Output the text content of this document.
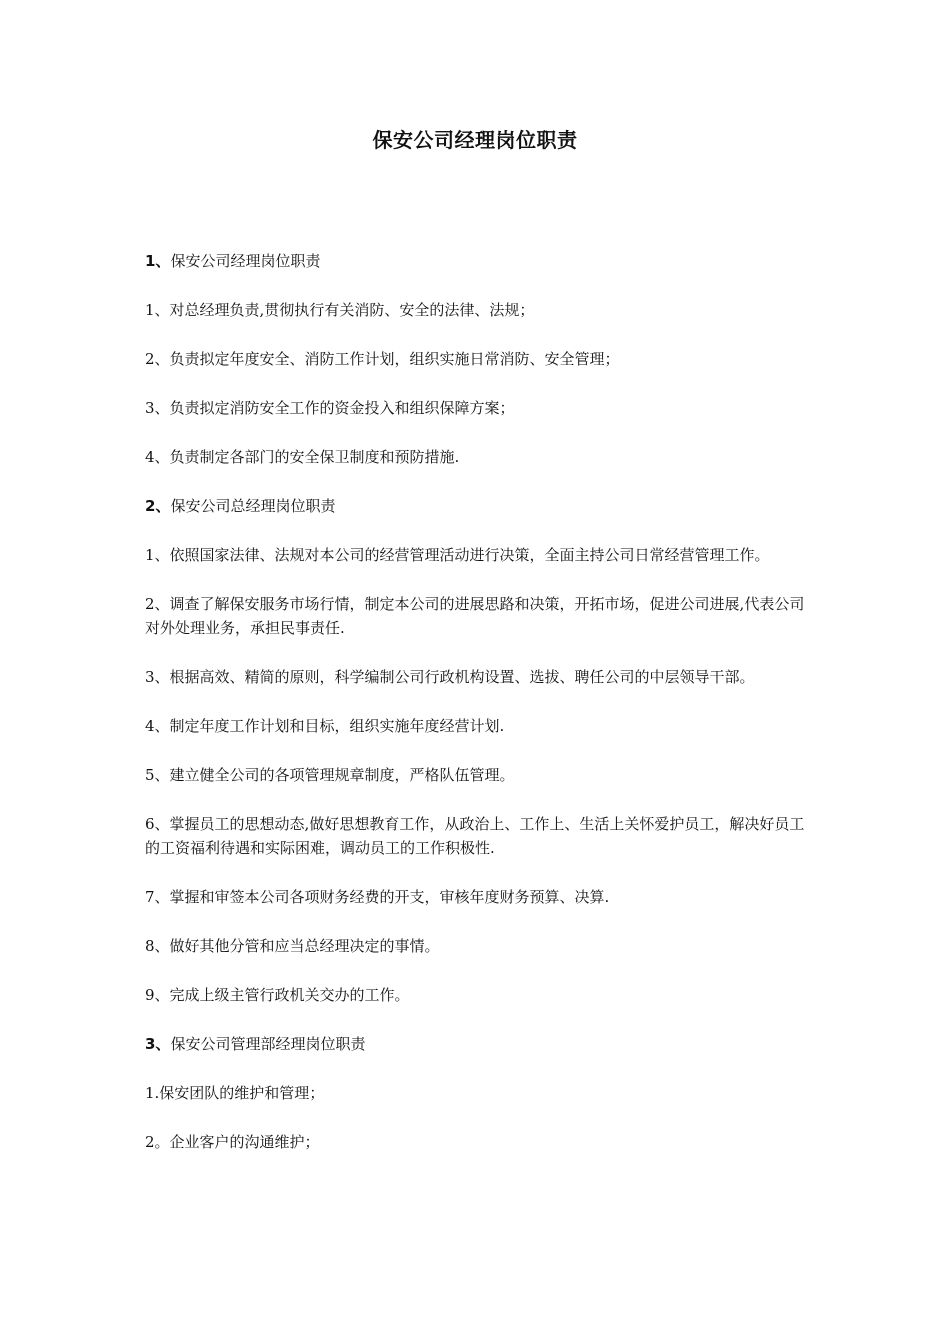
保安公司经理岗位职责
1、保安公司经理岗位职责
1、对总经理负责,贯彻执行有关消防、安全的法律、法规；
2、负责拟定年度安全、消防工作计划，组织实施日常消防、安全管理；
3、负责拟定消防安全工作的资金投入和组织保障方案；
4、负责制定各部门的安全保卫制度和预防措施.
2、保安公司总经理岗位职责
1、依照国家法律、法规对本公司的经营管理活动进行决策，全面主持公司日常经营管理工作。
2、调查了解保安服务市场行情，制定本公司的进展思路和决策，开拓市场，促进公司进展,代表公司对外处理业务，承担民事责任.
3、根据高效、精简的原则，科学编制公司行政机构设置、选拔、聘任公司的中层领导干部。
4、制定年度工作计划和目标，组织实施年度经营计划.
5、建立健全公司的各项管理规章制度，严格队伍管理。
6、掌握员工的思想动态,做好思想教育工作，从政治上、工作上、生活上关怀爱护员工，解决好员工的工资福利待遇和实际困难，调动员工的工作积极性.
7、掌握和审签本公司各项财务经费的开支，审核年度财务预算、决算.
8、做好其他分管和应当总经理决定的事情。
9、完成上级主管行政机关交办的工作。
3、保安公司管理部经理岗位职责
1.保安团队的维护和管理；
2。企业客户的沟通维护；
